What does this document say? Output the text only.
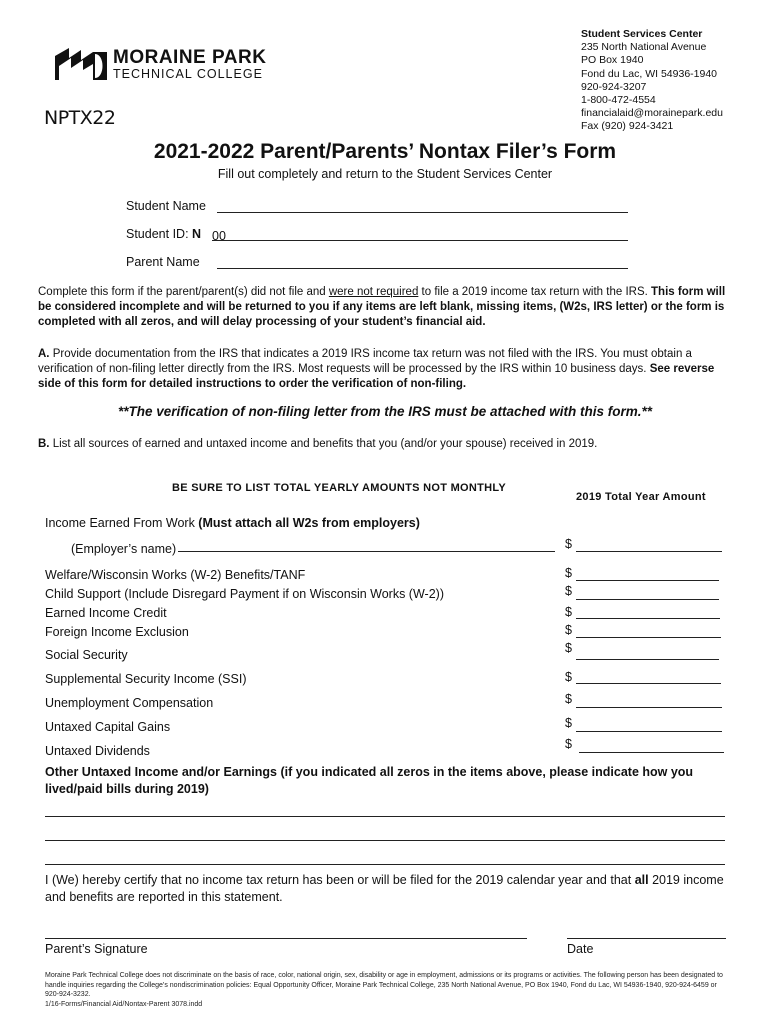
MORAINE PARK
TECHNICAL COLLEGE
Student Services Center
235 North National Avenue
PO Box 1940
Fond du Lac, WI 54936-1940
920-924-3207
1-800-472-4554
financialaid@morainepark.edu
Fax (920) 924-3421
NPTX22
2021-2022 Parent/Parents’ Nontax Filer’s Form
Fill out completely and return to the Student Services Center
Student Name
Student ID: N 00
Parent Name
Complete this form if the parent/parent(s) did not file and were not required to file a 2019 income tax return with the IRS. This form will be considered incomplete and will be returned to you if any items are left blank, missing items, (W2s, IRS letter) or the form is completed with all zeros, and will delay processing of your student’s financial aid.
A. Provide documentation from the IRS that indicates a 2019 IRS income tax return was not filed with the IRS. You must obtain a verification of non-filing letter directly from the IRS. Most requests will be processed by the IRS within 10 business days. See reverse side of this form for detailed instructions to order the verification of non-filing.
**The verification of non-filing letter from the IRS must be attached with this form.**
B. List all sources of earned and untaxed income and benefits that you (and/or your spouse) received in 2019.
BE SURE TO LIST TOTAL YEARLY AMOUNTS NOT MONTHLY
2019 Total Year Amount
Income Earned From Work (Must attach all W2s from employers)
(Employer’s name)	$
Welfare/Wisconsin Works (W-2) Benefits/TANF
Child Support (Include Disregard Payment if on Wisconsin Works (W-2))
Earned Income Credit
Foreign Income Exclusion
Social Security
Supplemental Security Income (SSI)
Unemployment Compensation
Untaxed Capital Gains
Untaxed Dividends
$
$
$
$
$
$
$
$
$
Other Untaxed Income and/or Earnings (if you indicated all zeros in the items above, please indicate how you lived/paid bills during 2019)
I (We) hereby certify that no income tax return has been or will be filed for the 2019 calendar year and that all 2019 income and benefits are reported in this statement.
Parent’s Signature	Date
Moraine Park Technical College does not discriminate on the basis of race, color, national origin, sex, disability or age in employment, admissions or its programs or activities. The following person has been designated to handle inquiries regarding the College’s nondiscrimination policies: Equal Opportunity Officer, Moraine Park Technical College, 235 North National Avenue, PO Box 1940, Fond du Lac, WI 54936-1940, 920-924-6459 or 920-924-3232.
1/16-Forms/Financial Aid/Nontax-Parent 3078.indd
